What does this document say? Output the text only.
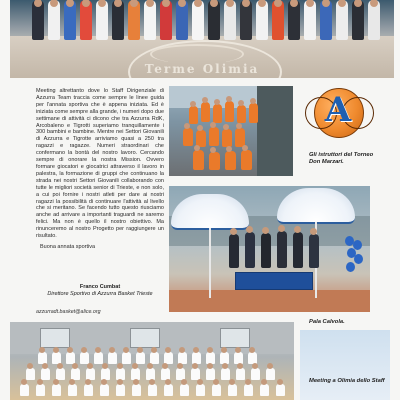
Terme Olimia

Meeting altrettanto dove lo Staff Dirigenziale di Azzurra Team traccia come sempre le linee guida per l'annata sportiva che è appena iniziata. Ed è iniziata come sempre alla grande, i numeri dopo due settimane di attività ci dicono che tra Azzurra RdK, Arcobaleno e Tigrotti superiamo tranquillamente i 300 bambini e bambine. Mentre nei Settori Giovanili di Azzurra e Tigrotte arriviamo quasi a 250 tra ragazzi e ragazze. Numeri straordinari che confermano la bontà del nostro lavoro. Cercando sempre di onorare la nostra Mission. Ovvero formare giocatori e giocatrici attraverso il lavoro in palestra, la formazione di gruppi che continuano la strada nei nostri Settori Giovanili collaborando con tutte le migliori società senior di Trieste, e non solo, a cui poi fornire i nostri atleti per dare ai nostri ragazzi la possibilità di continuare l'attività al livello che si meritano. Se facendo tutto questo riusciamo anche ad arrivare a importanti traguardi ne saremo felici. Ma non è quello il nostro obiettivo. Ma rinunceremo al nostro Progetto per raggiungere un risultato.

Buona annata sportiva

Franco Cumbat
Direttore Sportivo di Azzurra Basket Trieste
azzurradt.basket@alice.org
A
Gli istruttori del Torneo Don Marzari.
Pala Calvola.
Meeting a Olimia dello Staff
